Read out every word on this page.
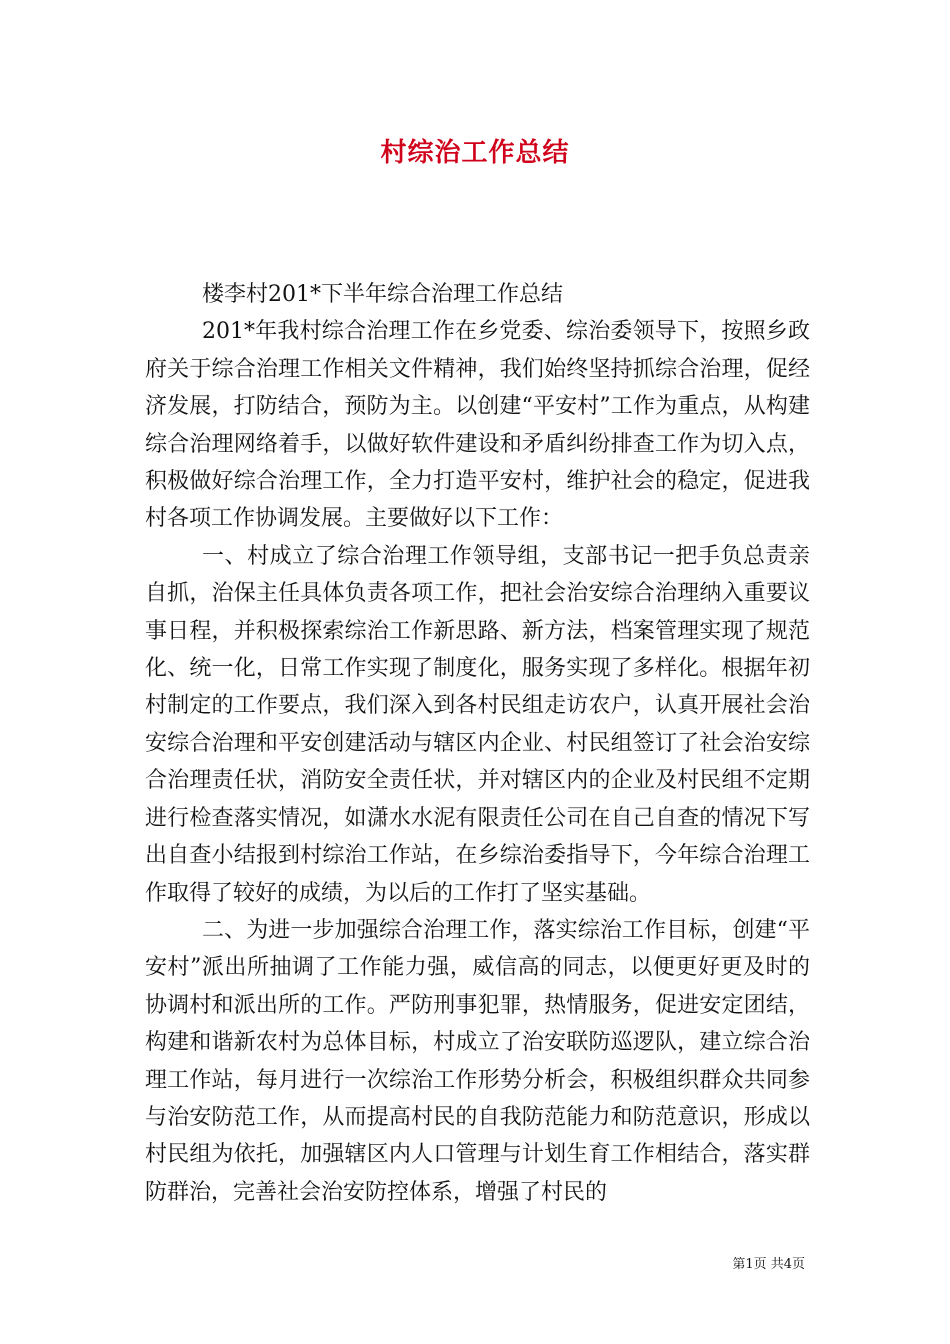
村综治工作总结

楼李村201*下半年综合治理工作总结

201*年我村综合治理工作在乡党委、综治委领导下，按照乡政府关于综合治理工作相关文件精神，我们始终坚持抓综合治理，促经济发展，打防结合，预防为主。以创建“平安村”工作为重点，从构建综合治理网络着手，以做好软件建设和矛盾纠纷排查工作为切入点，积极做好综合治理工作，全力打造平安村，维护社会的稳定，促进我村各项工作协调发展。主要做好以下工作：

一、村成立了综合治理工作领导组，支部书记一把手负总责亲自抓，治保主任具体负责各项工作，把社会治安综合治理纳入重要议事日程，并积极探索综治工作新思路、新方法，档案管理实现了规范化、统一化，日常工作实现了制度化，服务实现了多样化。根据年初村制定的工作要点，我们深入到各村民组走访农户，认真开展社会治安综合治理和平安创建活动与辖区内企业、村民组签订了社会治安综合治理责任状，消防安全责任状，并对辖区内的企业及村民组不定期进行检查落实情况，如潇水水泥有限责任公司在自己自查的情况下写出自查小结报到村综治工作站，在乡综治委指导下，今年综合治理工作取得了较好的成绩，为以后的工作打了坚实基础。

二、为进一步加强综合治理工作，落实综治工作目标，创建“平安村”派出所抽调了工作能力强，威信高的同志，以便更好更及时的协调村和派出所的工作。严防刑事犯罪，热情服务，促进安定团结，构建和谐新农村为总体目标，村成立了治安联防巡逻队，建立综合治理工作站，每月进行一次综治工作形势分析会，积极组织群众共同参与治安防范工作，从而提高村民的自我防范能力和防范意识，形成以村民组为依托，加强辖区内人口管理与计划生育工作相结合，落实群防群治，完善社会治安防控体系，增强了村民的

第1页 共4页
